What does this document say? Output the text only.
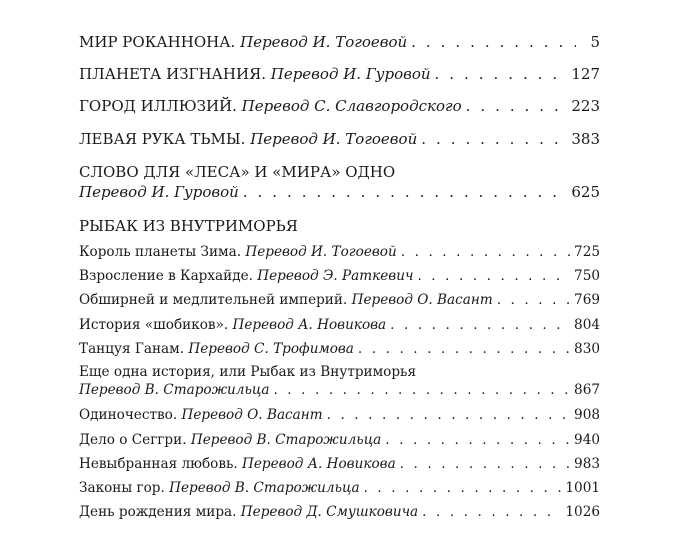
МИР РОКАННОНА. Перевод И. Тогоевой . . .	5
ПЛАНЕТА ИЗГНАНИЯ. Перевод И. Гуровой . . .	127
ГОРОД ИЛЛЮЗИЙ. Перевод С. Славгородского . . .	223
ЛЕВАЯ РУКА ТЬМЫ. Перевод И. Тогоевой . . .	383
СЛОВО ДЛЯ «ЛЕСА» И «МИРА» ОДНО
Перевод И. Гуровой . . .	625
РЫБАК ИЗ ВНУТРИМОРЬЯ
Король планеты Зима. Перевод И. Тогоевой . . .	725
Взросление в Кархайде. Перевод Э. Раткевич . . .	750
Обширней и медлительней империй. Перевод О. Васант . . .	769
История «шобиков». Перевод А. Новикова . . .	804
Танцуя Ганам. Перевод С. Трофимова . . .	830
Еще одна история, или Рыбак из Внутриморья
Перевод В. Старожильца . . .	867
Одиночество. Перевод О. Васант . . .	908
Дело о Сеггри. Перевод В. Старожильца . . .	940
Невыбранная любовь. Перевод А. Новикова . . .	983
Законы гор. Перевод В. Старожильца . . .	1001
День рождения мира. Перевод Д. Смушковича . . .	1026
